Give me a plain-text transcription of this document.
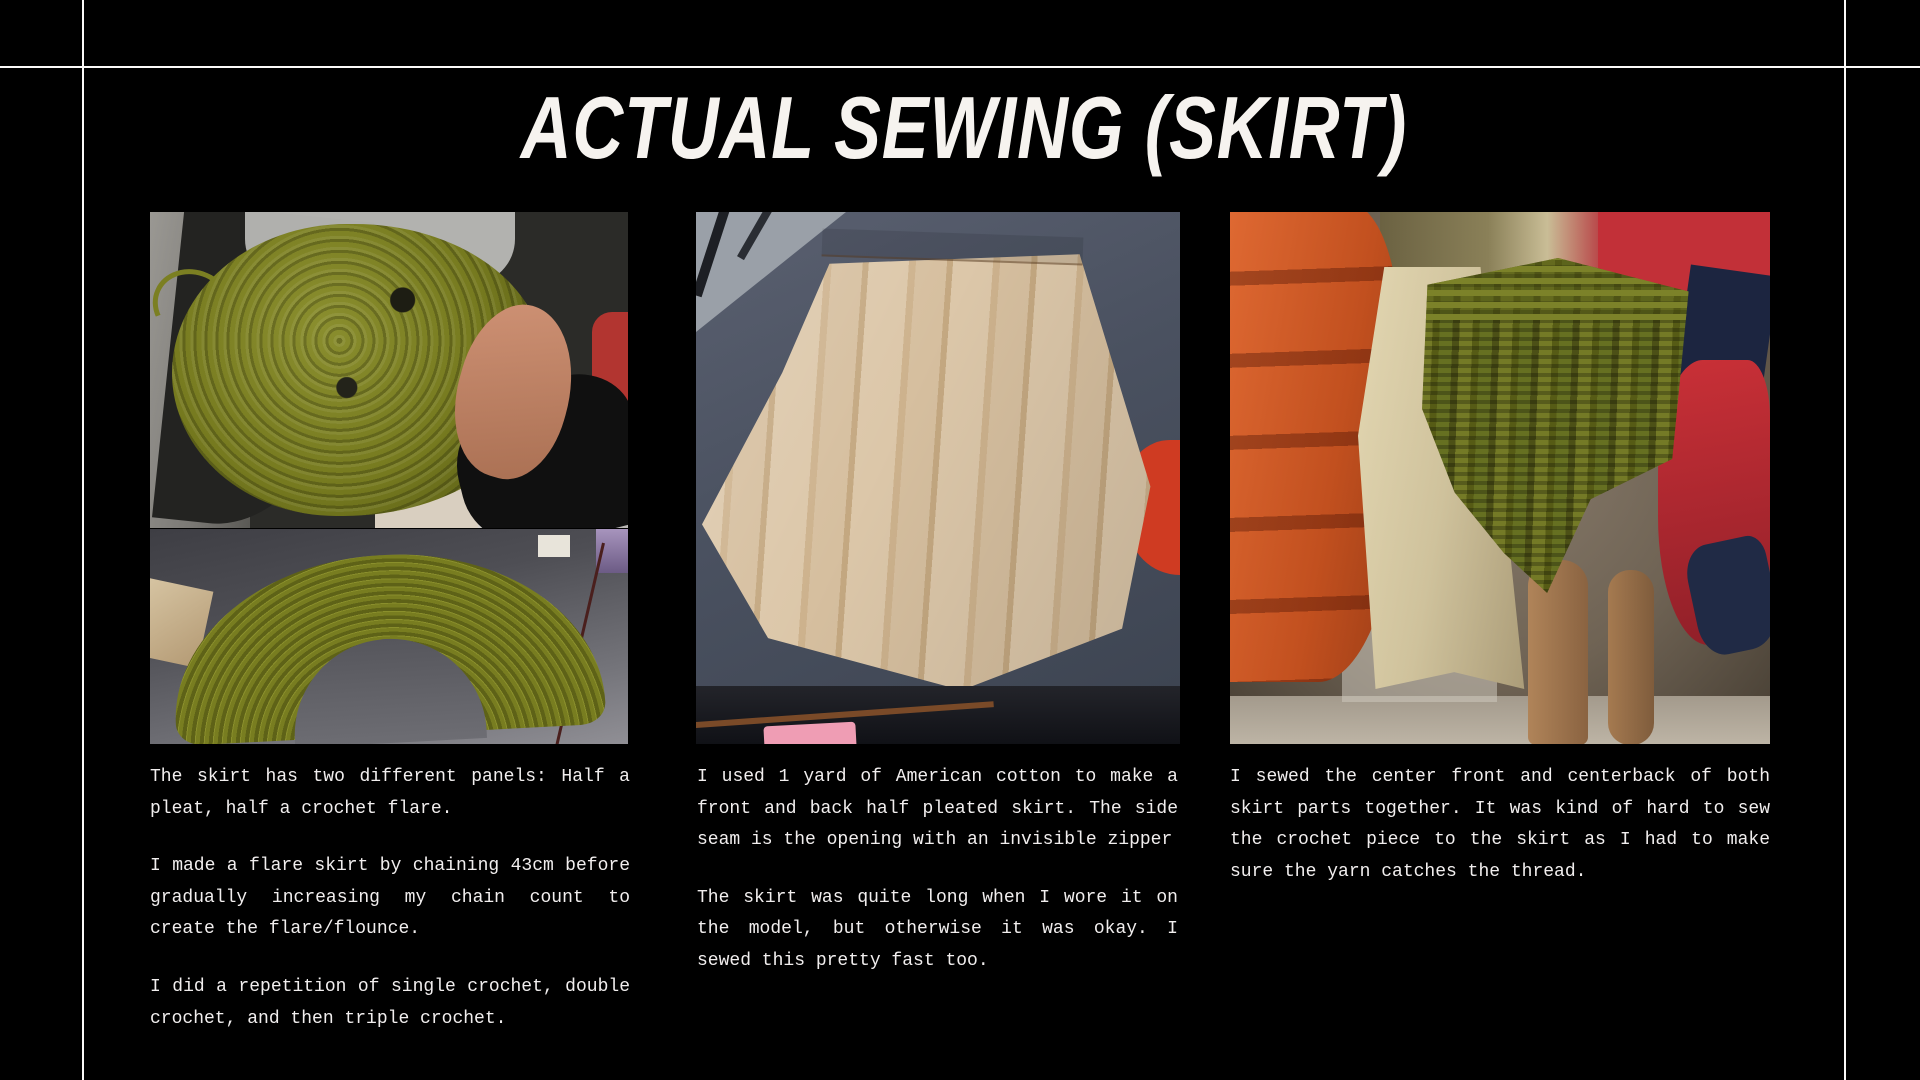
ACTUAL SEWING (SKIRT)

The skirt has two different panels: Half a pleat, half a crochet flare.

I made a flare skirt by chaining 43cm before gradually increasing my chain count to create the flare/flounce.

I did a repetition of single crochet, double crochet, and then triple crochet.

I used 1 yard of American cotton to make a front and back half pleated skirt. The side seam is the opening with an invisible zipper

The skirt was quite long when I wore it on the model, but otherwise it was okay. I sewed this pretty fast too.

I sewed the center front and centerback of both skirt parts together. It was kind of hard to sew the crochet piece to the skirt as I had to make sure the yarn catches the thread.
